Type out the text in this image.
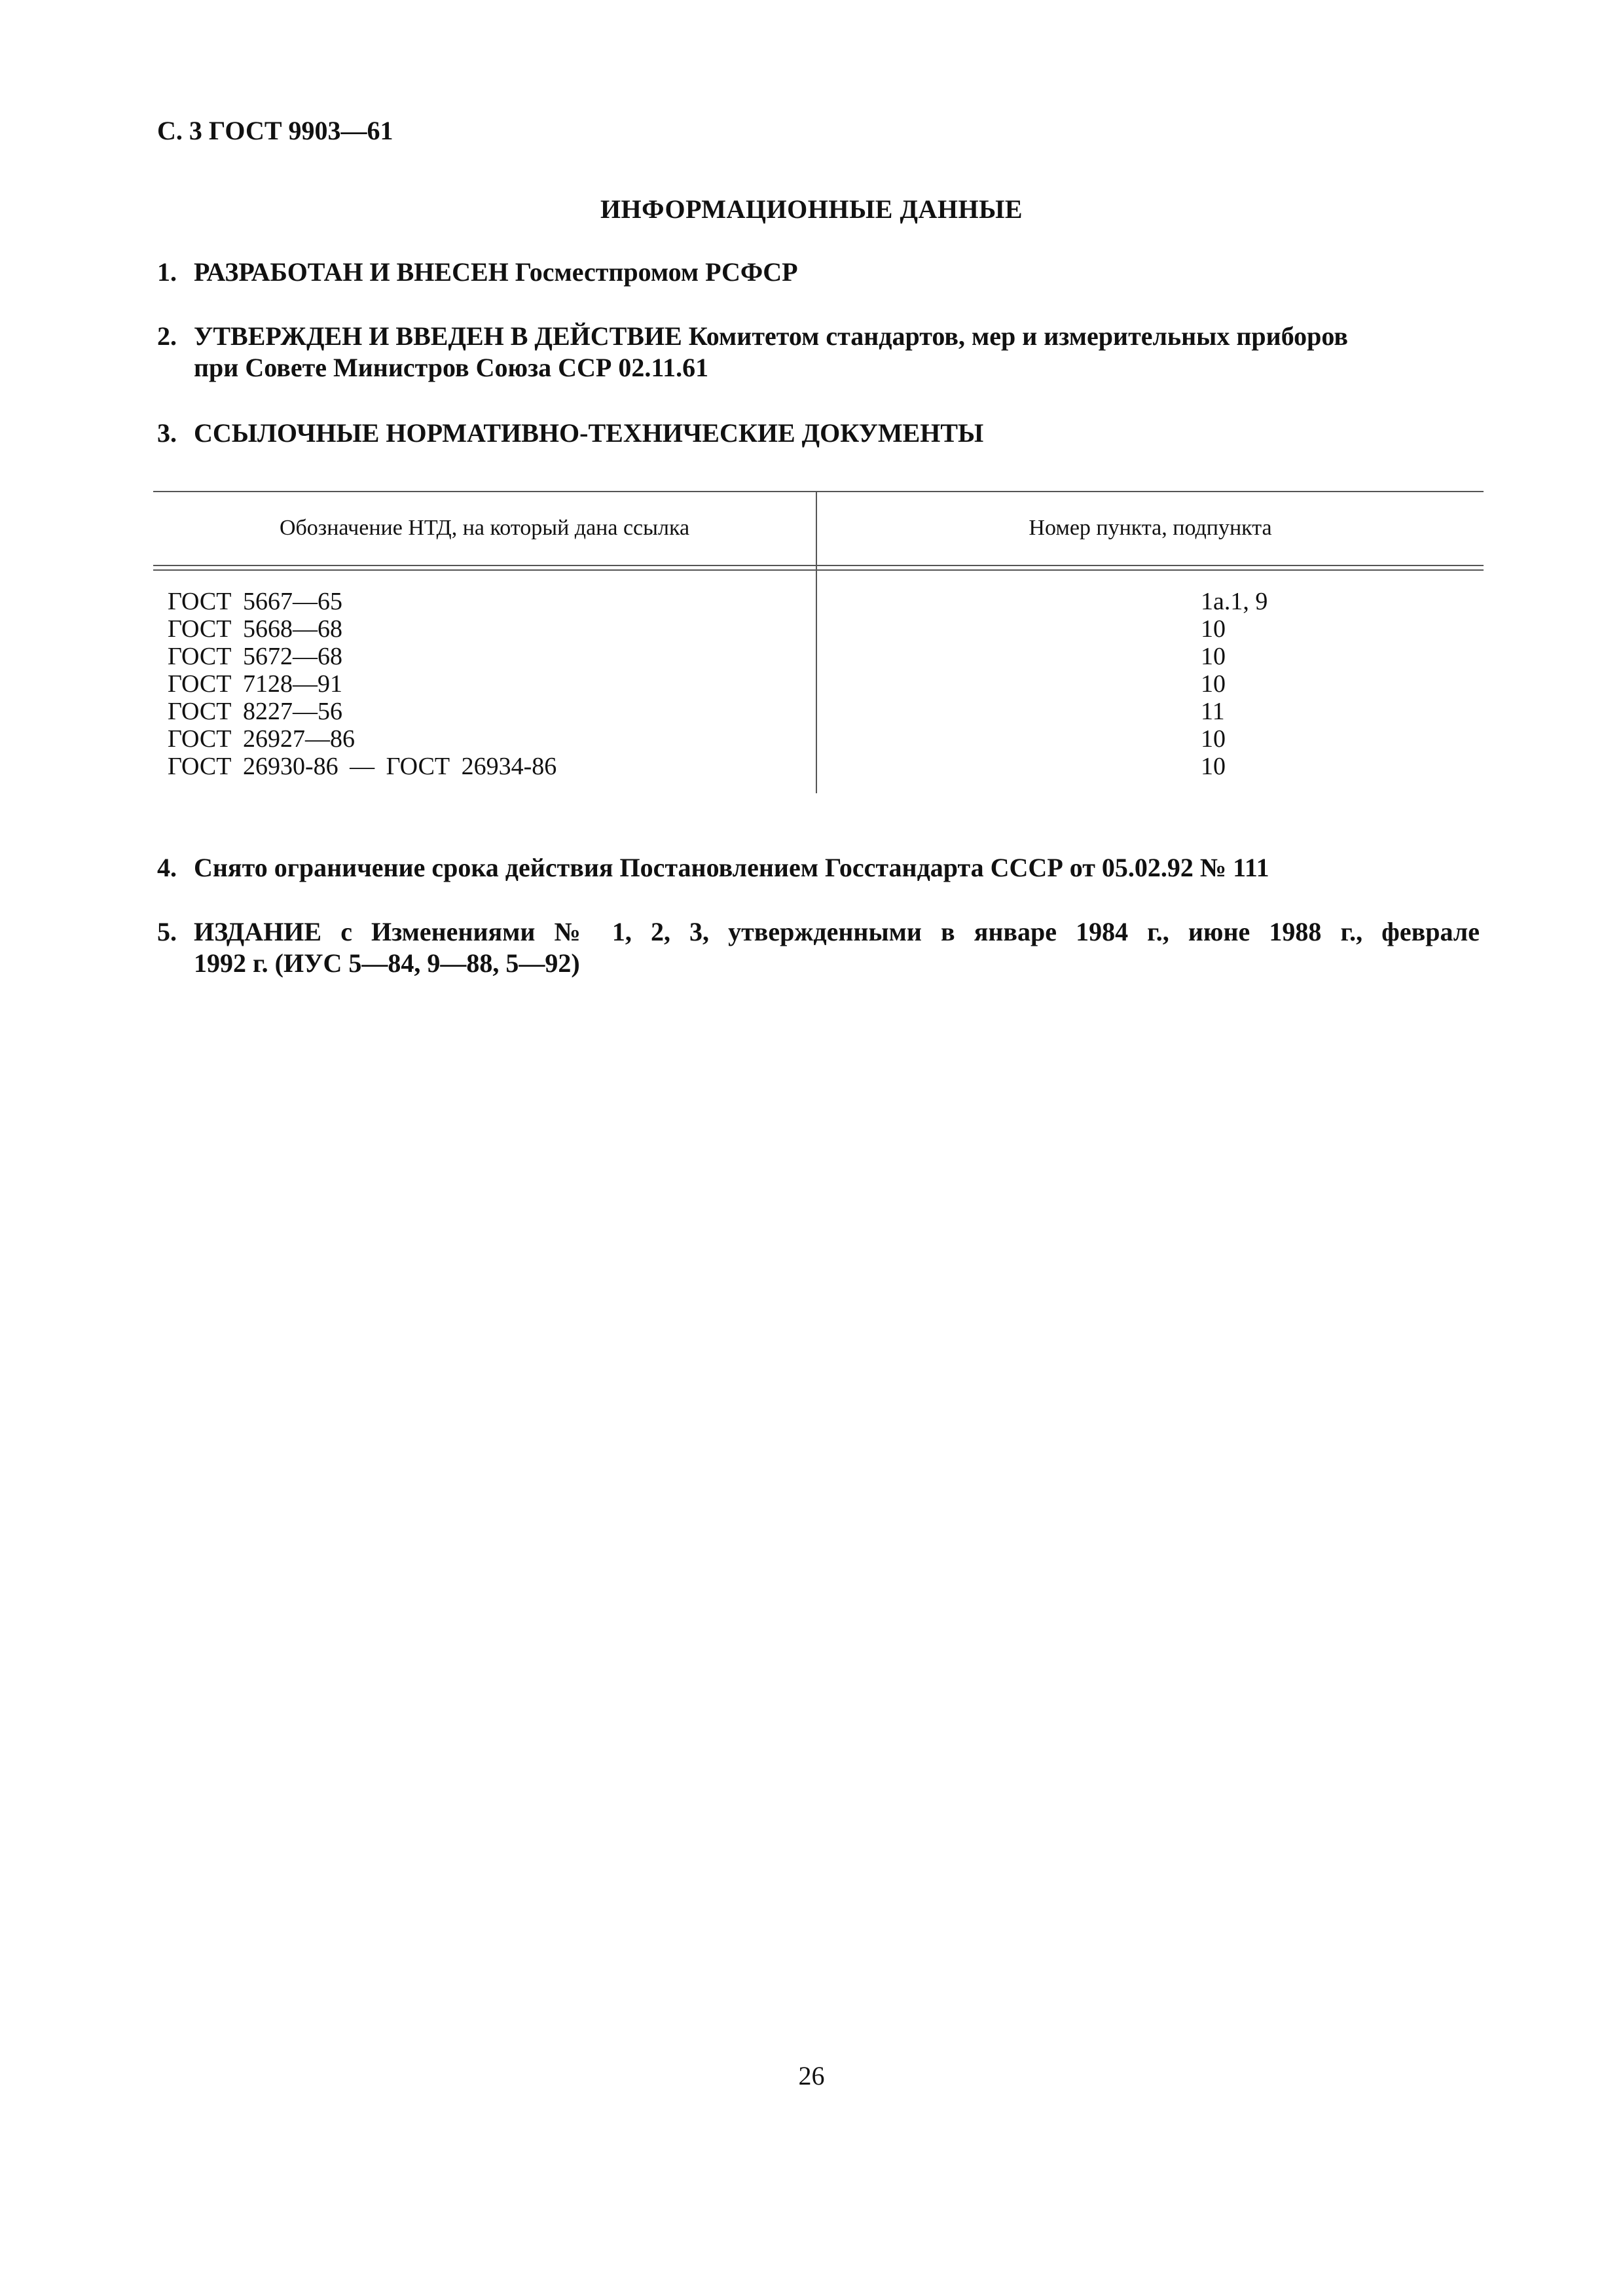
С. 3 ГОСТ 9903—61
ИНФОРМАЦИОННЫЕ ДАННЫЕ
1. РАЗРАБОТАН И ВНЕСЕН Госместпромом РСФСР
2. УТВЕРЖДЕН И ВВЕДЕН В ДЕЙСТВИЕ Комитетом стандартов, мер и измерительных приборов
при Совете Министров Союза ССР 02.11.61
3. ССЫЛОЧНЫЕ НОРМАТИВНО-ТЕХНИЧЕСКИЕ ДОКУМЕНТЫ
Обозначение НТД, на который дана ссылка	Номер пункта, подпункта
ГОСТ 5667—65	1а.1, 9
ГОСТ 5668—68	10
ГОСТ 5672—68	10
ГОСТ 7128—91	10
ГОСТ 8227—56	11
ГОСТ 26927—86	10
ГОСТ 26930-86 — ГОСТ 26934-86	10
4. Снято ограничение срока действия Постановлением Госстандарта СССР от 05.02.92 № 111
5. ИЗДАНИЕ с Изменениями № 1, 2, 3, утвержденными в январе 1984 г., июне 1988 г., феврале
1992 г. (ИУС 5—84, 9—88, 5—92)
26
